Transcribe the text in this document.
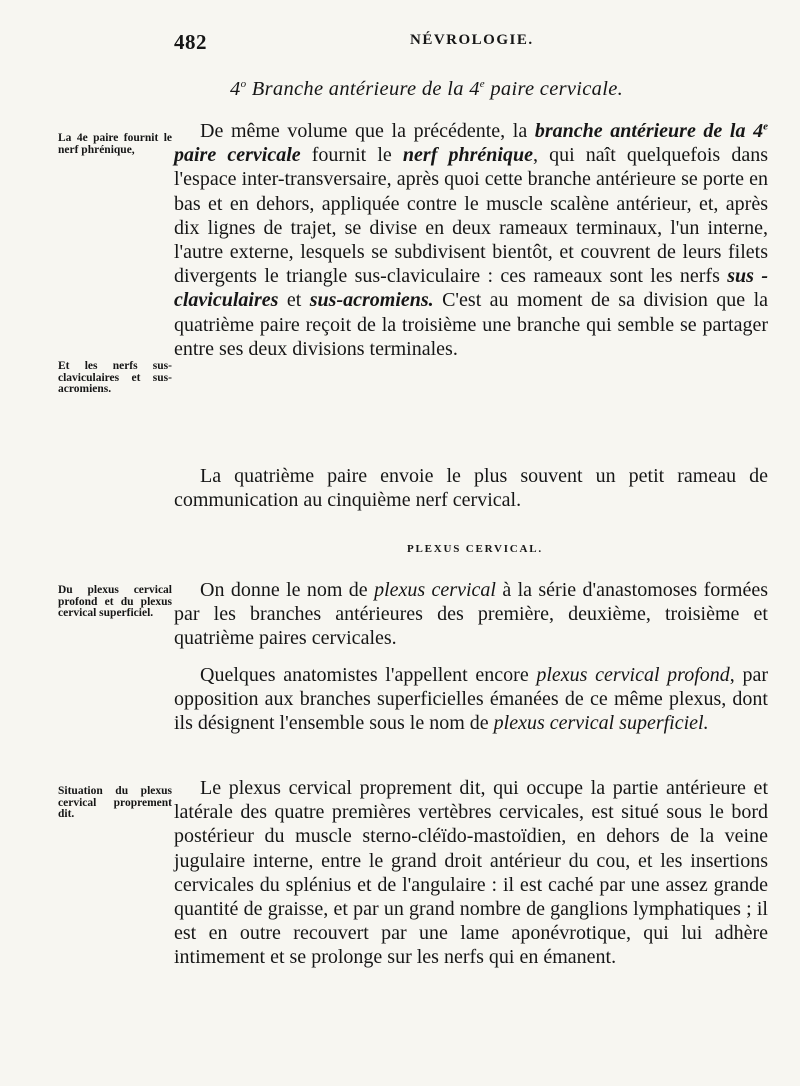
482	NÉVROLOGIE.
4$^o$ Branche antérieure de la 4e paire cervicale.
La 4e paire fournit le nerf phrénique,
Et les nerfs sus-claviculaires et sus-acromiens.
Du plexus cervical profond et du plexus cervical superficiel.
Situation du plexus cervical proprement dit.
De même volume que la précédente, la branche antérieure de la 4e paire cervicale fournit le nerf phrénique, qui naît quelquefois dans l'espace inter-transversaire, après quoi cette branche antérieure se porte en bas et en dehors, appliquée contre le muscle scalène antérieur, et, après dix lignes de trajet, se divise en deux rameaux terminaux, l'un interne, l'autre externe, lesquels se subdivisent bientôt, et couvrent de leurs filets divergents le triangle sus-claviculaire : ces rameaux sont les nerfs sus - claviculaires et sus-acromiens. C'est au moment de sa division que la quatrième paire reçoit de la troisième une branche qui semble se partager entre ses deux divisions terminales.
La quatrième paire envoie le plus souvent un petit rameau de communication au cinquième nerf cervical.
PLEXUS CERVICAL.
On donne le nom de plexus cervical à la série d'anastomoses formées par les branches antérieures des première, deuxième, troisième et quatrième paires cervicales.
Quelques anatomistes l'appellent encore plexus cervical profond, par opposition aux branches superficielles émanées de ce même plexus, dont ils désignent l'ensemble sous le nom de plexus cervical superficiel.
Le plexus cervical proprement dit, qui occupe la partie antérieure et latérale des quatre premières vertèbres cervicales, est situé sous le bord postérieur du muscle sterno-cléïdo-mastoïdien, en dehors de la veine jugulaire interne, entre le grand droit antérieur du cou, et les insertions cervicales du splénius et de l'angulaire : il est caché par une assez grande quantité de graisse, et par un grand nombre de ganglions lymphatiques ; il est en outre recouvert par une lame aponévrotique, qui lui adhère intimement et se prolonge sur les nerfs qui en émanent.
